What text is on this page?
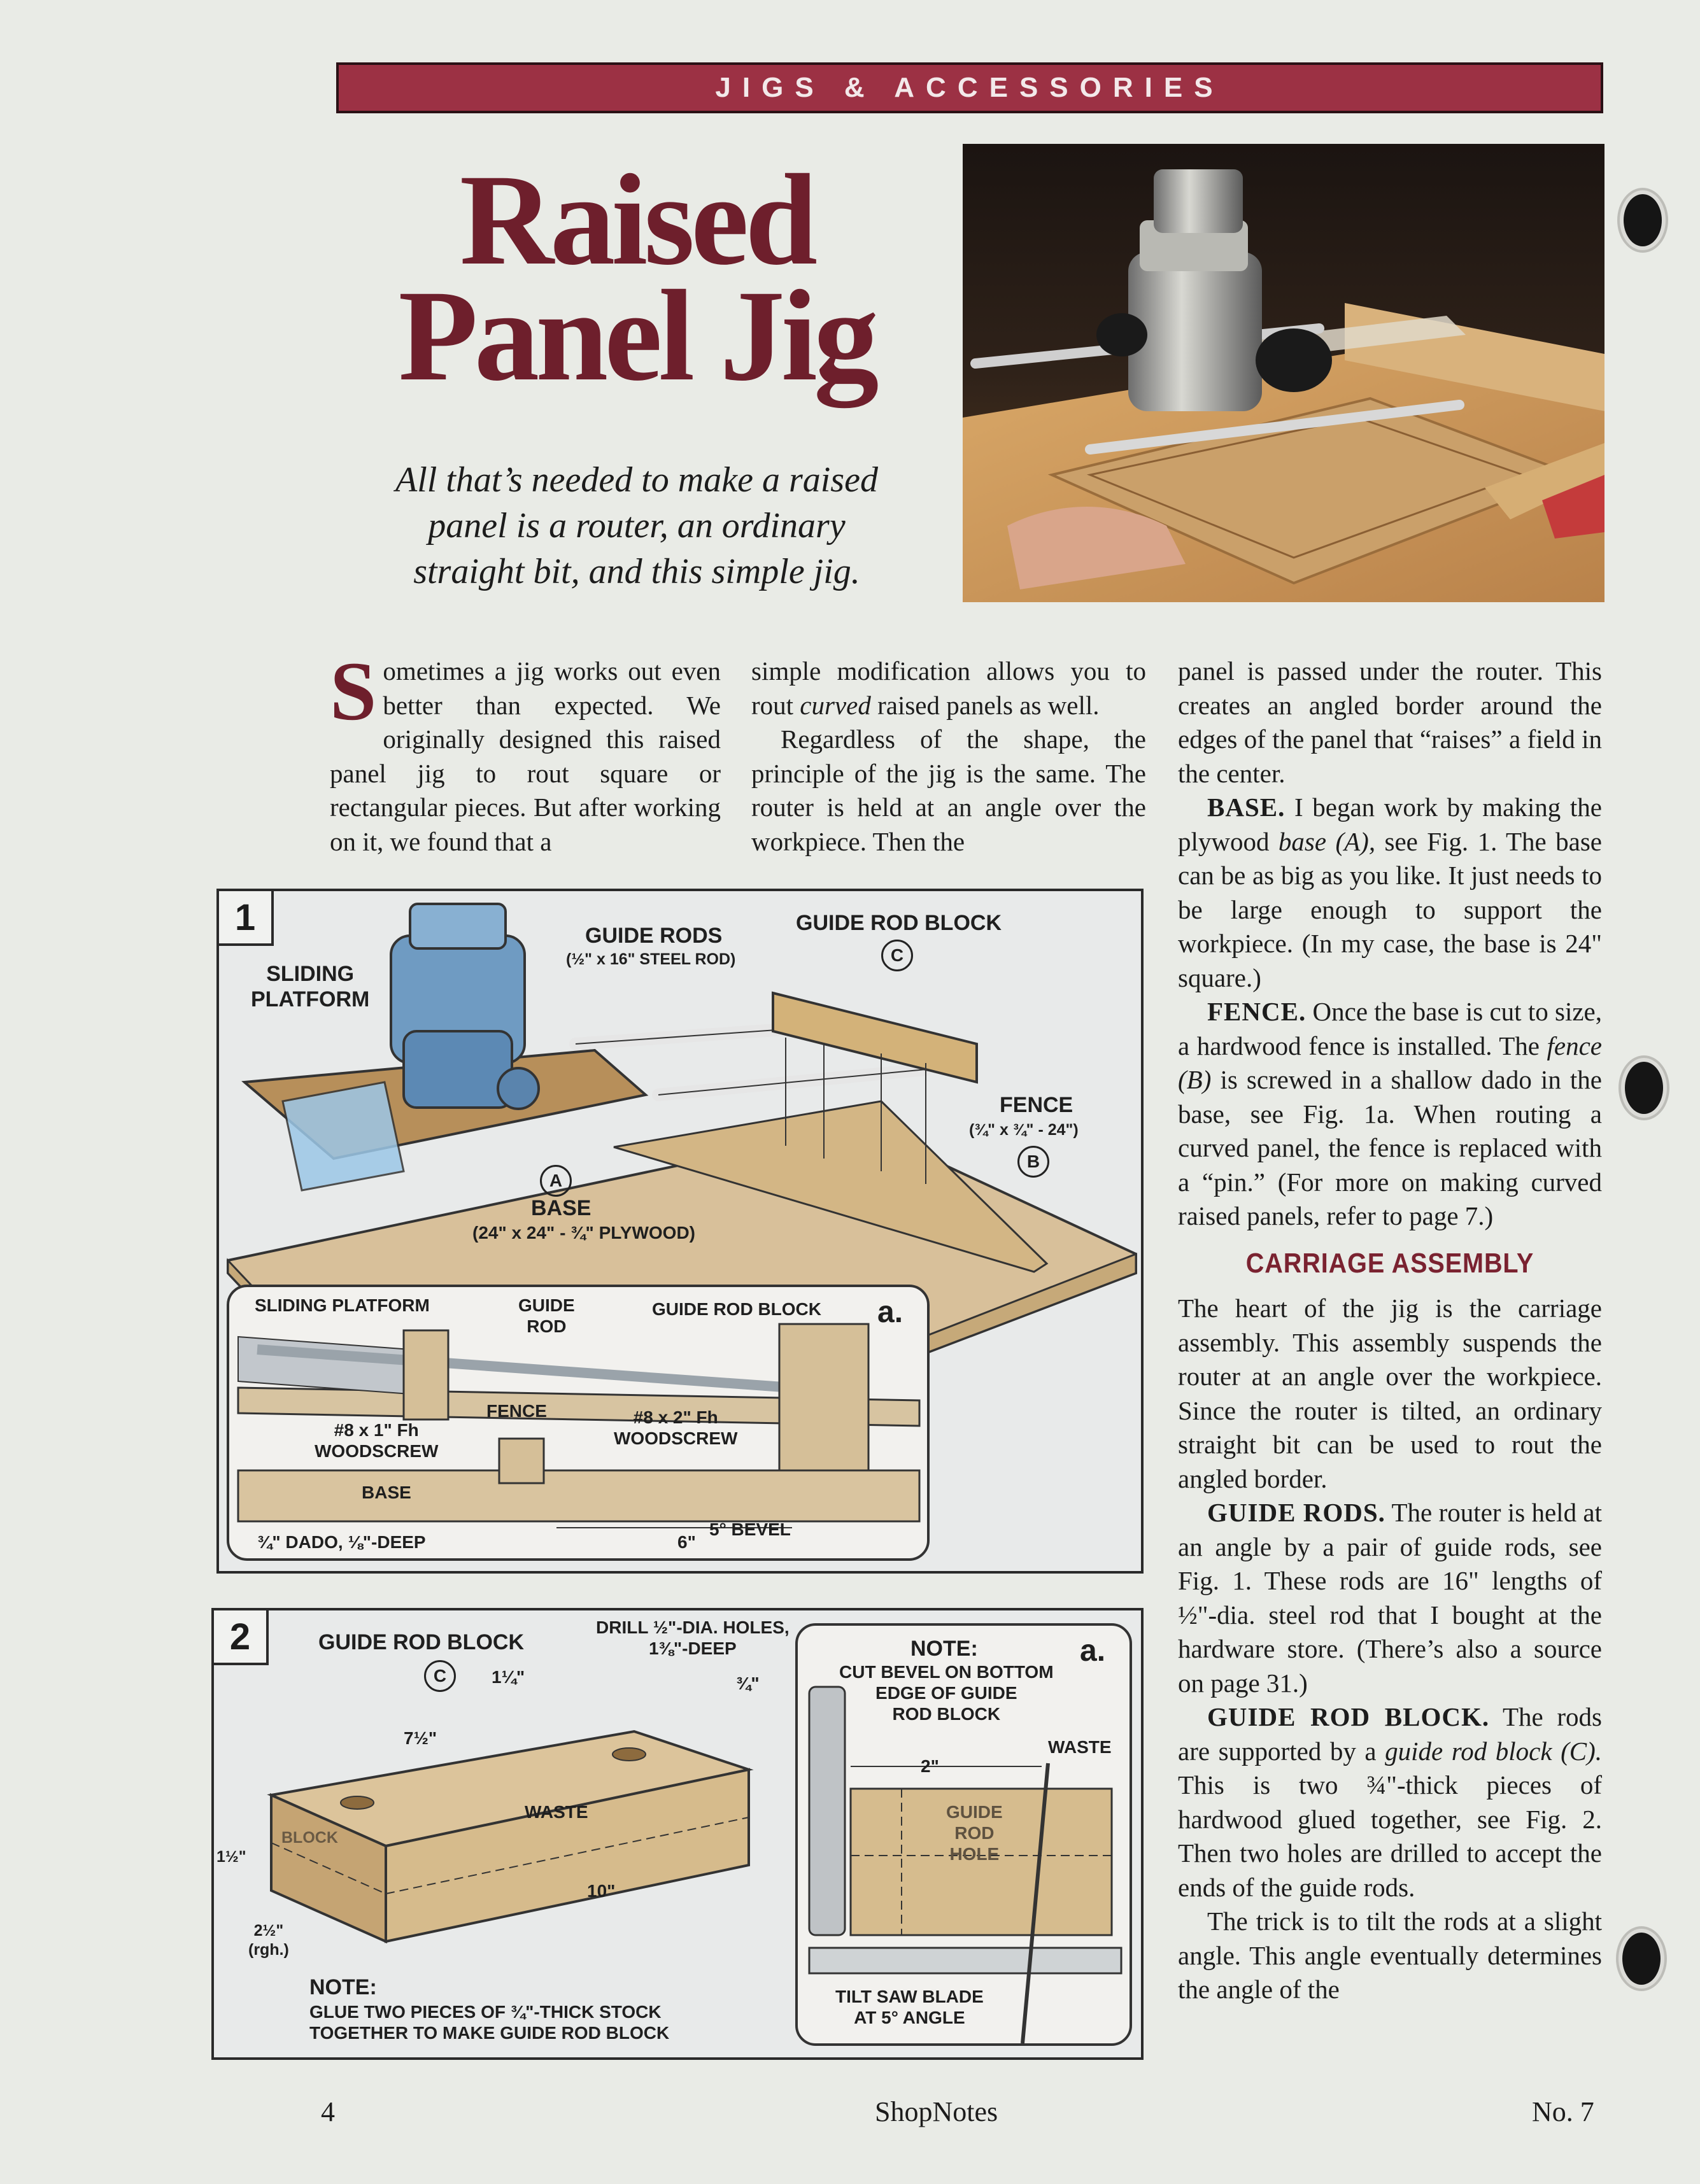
JIGS & ACCESSORIES
Raised
Panel Jig
All that’s needed to make a raised
panel is a router, an ordinary
straight bit, and this simple jig.
Sometimes a jig works out even better than expected. We originally designed this raised panel jig to rout square or rectangular pieces. But after working on it, we found that a

simple modification allows you to rout curved raised panels as well.

Regardless of the shape, the principle of the jig is the same. The router is held at an angle over the workpiece. Then the

panel is passed under the router. This creates an angled border around the edges of the panel that “raises” a field in the center.

BASE. I began work by making the plywood base (A), see Fig. 1. The base can be as big as you like. It just needs to be large enough to support the workpiece. (In my case, the base is 24" square.)

FENCE. Once the base is cut to size, a hardwood fence is installed. The fence (B) is screwed in a shallow dado in the base, see Fig. 1a. When routing a curved panel, the fence is replaced with a “pin.” (For more on making curved raised panels, refer to page 7.)

CARRIAGE ASSEMBLY

The heart of the jig is the carriage assembly. This assembly suspends the router at an angle over the workpiece. Since the router is tilted, an ordinary straight bit can be used to rout the angled border.

GUIDE RODS. The router is held at an angle by a pair of guide rods, see Fig. 1. These rods are 16" lengths of ½"-dia. steel rod that I bought at the hardware store. (There’s also a source on page 31.)

GUIDE ROD BLOCK. The rods are supported by a guide rod block (C). This is two ¾"-thick pieces of hardwood glued together, see Fig. 2. Then two holes are drilled to accept the ends of the guide rods.

The trick is to tilt the rods at a slight angle. This angle eventually determines the angle of the

1
SLIDING
PLATFORM
GUIDE RODS
(½" x 16" STEEL ROD)
GUIDE ROD BLOCK
C
FENCE
(¾" x ¾" - 24")
B
A
BASE
(24" x 24" - ¾" PLYWOOD)
a.
SLIDING PLATFORM	GUIDE
ROD
GUIDE ROD BLOCK
FENCE
#8 x 1" Fh
WOODSCREW
#8 x 2" Fh
WOODSCREW
BASE
¾" DADO, ⅛"-DEEP	6"
5° BEVEL
2	GUIDE ROD BLOCK
C
DRILL ½"-DIA. HOLES,
1⅜"-DEEP
1¼"	¾"
7½"
WASTE
BLOCK
1½"
10"
2½"
(rgh.)
NOTE:
GLUE TWO PIECES OF ¾"-THICK STOCK
TOGETHER TO MAKE GUIDE ROD BLOCK
a.
NOTE:
CUT BEVEL ON BOTTOM
EDGE OF GUIDE
ROD BLOCK
2"
WASTE
GUIDE
ROD
HOLE
TILT SAW BLADE
AT 5° ANGLE
4	ShopNotes	No. 7
